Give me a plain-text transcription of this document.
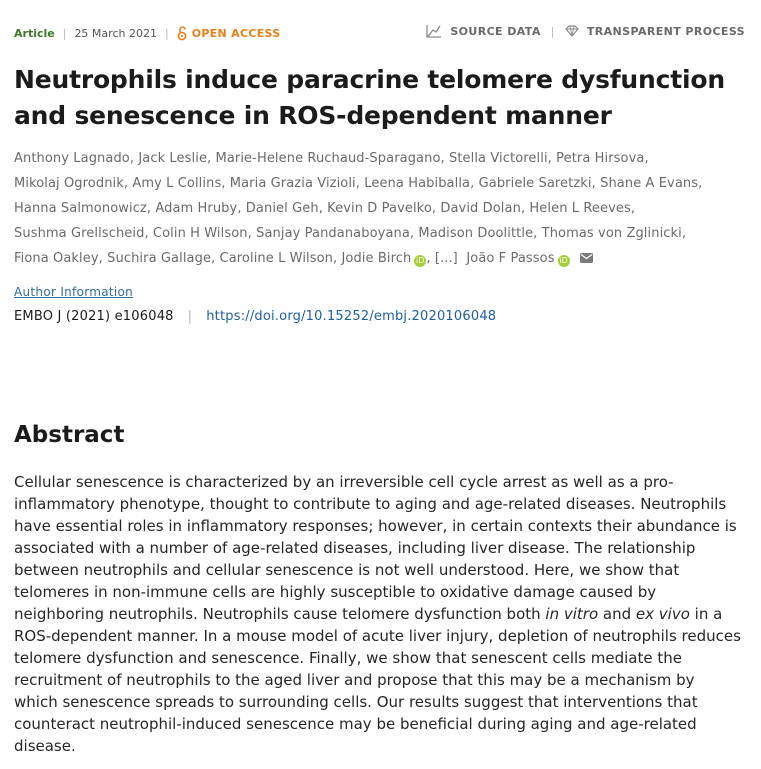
Article | 25 March 2021 | OPEN ACCESS	SOURCE DATA |	TRANSPARENT PROCESS
Neutrophils induce paracrine telomere dysfunction and senescence in ROS-dependent manner
Anthony Lagnado, Jack Leslie, Marie-Helene Ruchaud-Sparagano, Stella Victorelli, Petra Hirsova,
Mikolaj Ogrodnik, Amy L Collins, Maria Grazia Vizioli, Leena Habiballa, Gabriele Saretzki, Shane A Evans,
Hanna Salmonowicz, Adam Hruby, Daniel Geh, Kevin D Pavelko, David Dolan, Helen L Reeves,
Sushma Grellscheid, Colin H Wilson, Sanjay Pandanaboyana, Madison Doolittle, Thomas von Zglinicki,
Fiona Oakley, Suchira Gallage, Caroline L Wilson, Jodie Birch iD , [...] João F Passos iD
Author Information
EMBO J (2021) e106048 | https://doi.org/10.15252/embj.2020106048
Abstract

Cellular senescence is characterized by an irreversible cell cycle arrest as well as a pro-inflammatory phenotype, thought to contribute to aging and age-related diseases. Neutrophils have essential roles in inflammatory responses; however, in certain contexts their abundance is associated with a number of age-related diseases, including liver disease. The relationship between neutrophils and cellular senescence is not well understood. Here, we show that telomeres in non-immune cells are highly susceptible to oxidative damage caused by neighboring neutrophils. Neutrophils cause telomere dysfunction both in vitro and ex vivo in a ROS-dependent manner. In a mouse model of acute liver injury, depletion of neutrophils reduces telomere dysfunction and senescence. Finally, we show that senescent cells mediate the recruitment of neutrophils to the aged liver and propose that this may be a mechanism by which senescence spreads to surrounding cells. Our results suggest that interventions that counteract neutrophil-induced senescence may be beneficial during aging and age-related disease.
